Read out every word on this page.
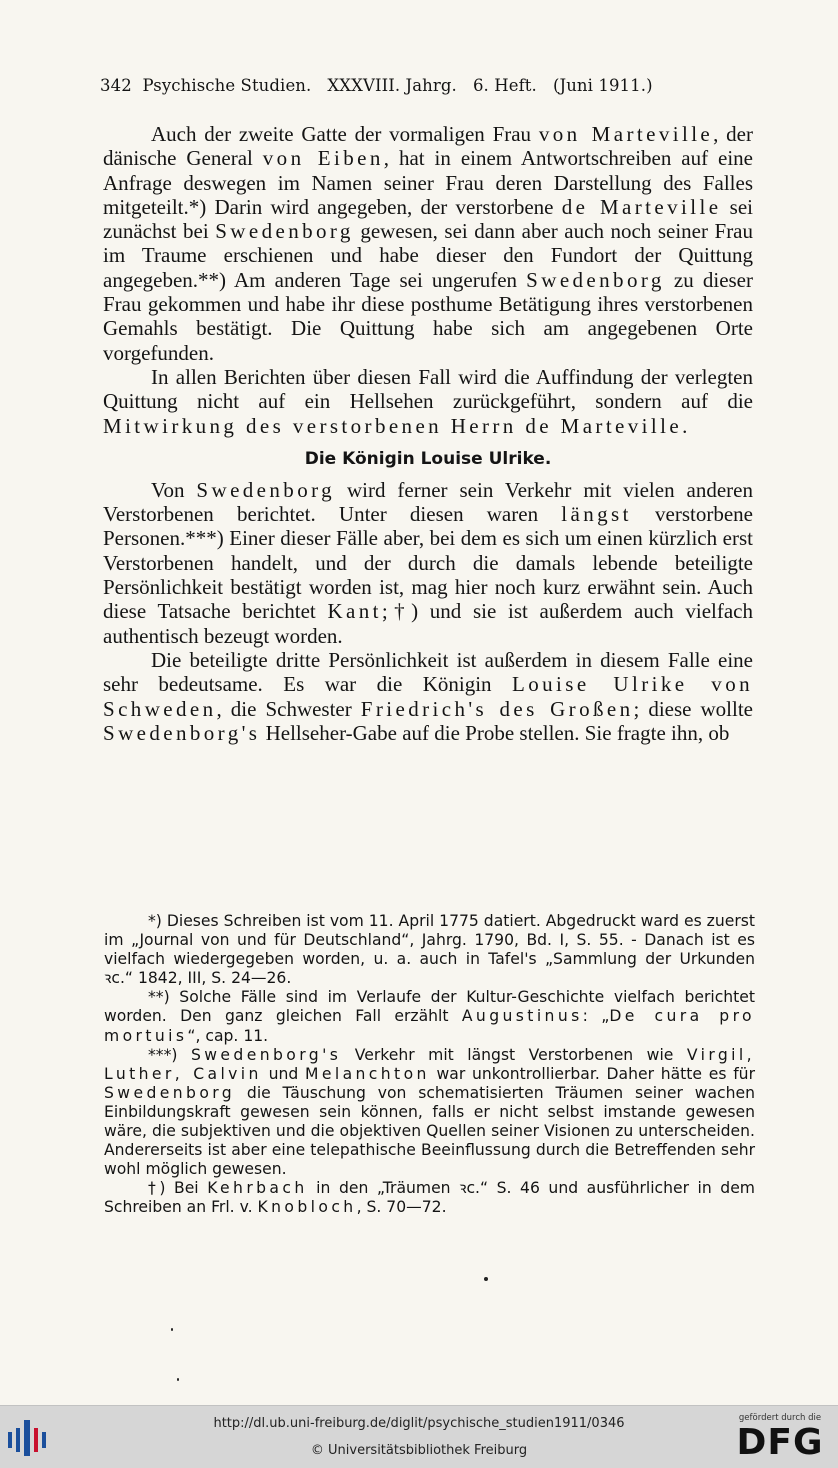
342 Psychische Studien. XXXVIII. Jahrg. 6. Heft. (Juni 1911.)

Auch der zweite Gatte der vormaligen Frau von Marteville, der dänische General von Eiben, hat in einem Antwortschreiben auf eine Anfrage deswegen im Namen seiner Frau deren Darstellung des Falles mitgeteilt.*) Darin wird angegeben, der verstorbene de Marteville sei zunächst bei Swedenborg gewesen, sei dann aber auch noch seiner Frau im Traume erschienen und habe dieser den Fundort der Quittung angegeben.**) Am anderen Tage sei ungerufen Swedenborg zu dieser Frau gekommen und habe ihr diese posthume Betätigung ihres verstorbenen Gemahls bestätigt. Die Quittung habe sich am angegebenen Orte vorgefunden.

In allen Berichten über diesen Fall wird die Auffindung der verlegten Quittung nicht auf ein Hellsehen zurückgeführt, sondern auf die Mitwirkung des verstorbenen Herrn de Marteville.

Die Königin Louise Ulrike.

Von Swedenborg wird ferner sein Verkehr mit vielen anderen Verstorbenen berichtet. Unter diesen waren längst verstorbene Personen.***) Einer dieser Fälle aber, bei dem es sich um einen kürzlich erst Verstorbenen handelt, und der durch die damals lebende beteiligte Persönlichkeit bestätigt worden ist, mag hier noch kurz erwähnt sein. Auch diese Tatsache berichtet Kant;†) und sie ist außerdem auch vielfach authentisch bezeugt worden.

Die beteiligte dritte Persönlichkeit ist außerdem in diesem Falle eine sehr bedeutsame. Es war die Königin Louise Ulrike von Schweden, die Schwester Friedrich's des Großen; diese wollte Swedenborg's Hellseher-Gabe auf die Probe stellen. Sie fragte ihn, ob

*) Dieses Schreiben ist vom 11. April 1775 datiert. Abgedruckt ward es zuerst im „Journal von und für Deutschland“, Jahrg. 1790, Bd. I, S. 55. - Danach ist es vielfach wiedergegeben worden, u. a. auch in Tafel's „Sammlung der Urkunden ꝛc.“ 1842, III, S. 24—26.

**) Solche Fälle sind im Verlaufe der Kultur-Geschichte vielfach berichtet worden. Den ganz gleichen Fall erzählt Augustinus: „De cura pro mortuis“, cap. 11.

***) Swedenborg's Verkehr mit längst Verstorbenen wie Virgil, Luther, Calvin und Melanchton war unkontrollierbar. Daher hätte es für Swedenborg die Täuschung von schematisierten Träumen seiner wachen Einbildungskraft gewesen sein können, falls er nicht selbst imstande gewesen wäre, die subjektiven und die objektiven Quellen seiner Visionen zu unterscheiden. Andererseits ist aber eine telepathische Beeinflussung durch die Betreffenden sehr wohl möglich gewesen.

†) Bei Kehrbach in den „Träumen ꝛc.“ S. 46 und ausführlicher in dem Schreiben an Frl. v. Knobloch, S. 70—72.

http://dl.ub.uni-freiburg.de/diglit/psychische_studien1911/0346
© Universitätsbibliothek Freiburg
gefördert durch die
DFG
